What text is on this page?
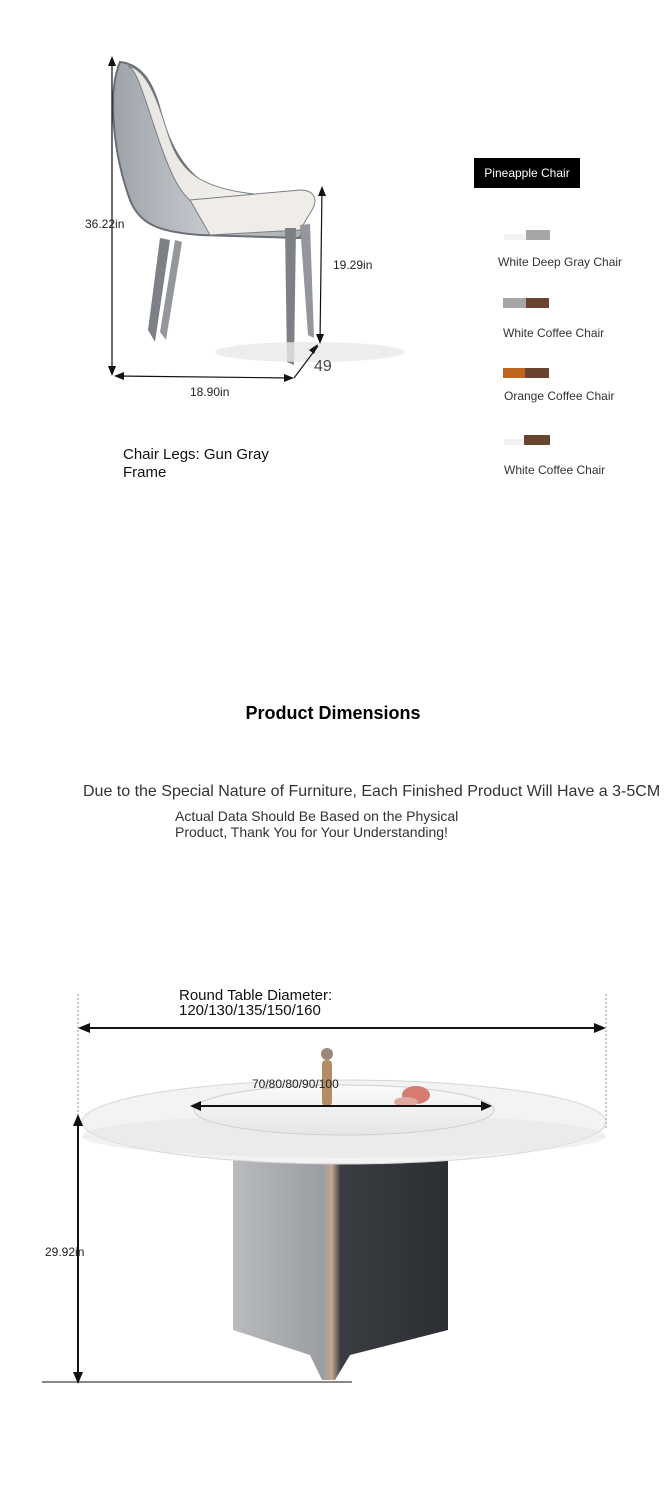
36.22in
19.29in
18.90in
49
Chair Legs: Gun Gray Frame
Pineapple Chair
White Deep Gray Chair
White Coffee Chair
Orange Coffee Chair
White Coffee Chair
Product Dimensions
Due to the Special Nature of Furniture, Each Finished Product Will Have a 3-5CM
Actual Data Should Be Based on the Physical Product, Thank You for Your Understanding!
Round Table Diameter: 120/130/135/150/160
70/80/80/90/100
29.92in
